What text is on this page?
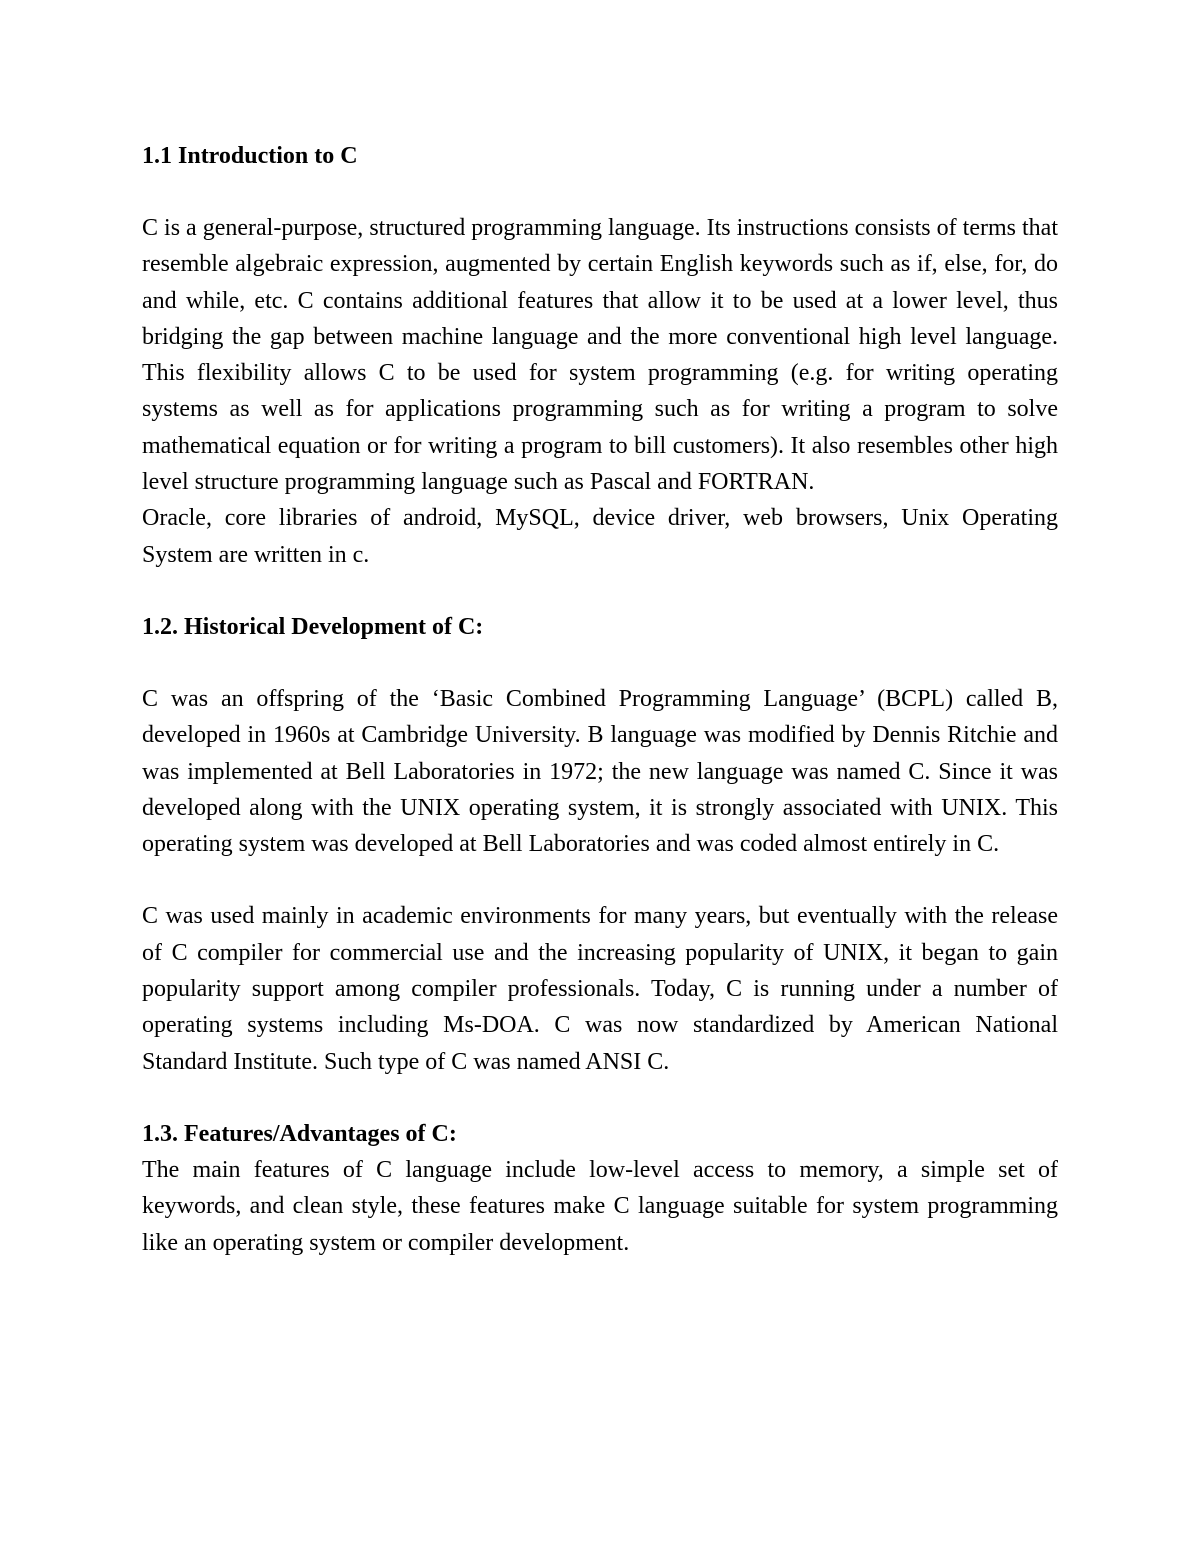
1.1 Introduction to C

C is a general-purpose, structured programming language. Its instructions consists of terms that resemble algebraic expression, augmented by certain English keywords such as if, else, for, do and while, etc. C contains additional features that allow it to be used at a lower level, thus bridging the gap between machine language and the more conventional high level language. This flexibility allows C to be used for system programming (e.g. for writing operating systems as well as for applications programming such as for writing a program to solve mathematical equation or for writing a program to bill customers). It also resembles other high level structure programming language such as Pascal and FORTRAN.

Oracle, core libraries of android, MySQL, device driver, web browsers, Unix Operating System are written in c.

1.2. Historical Development of C:

C was an offspring of the ‘Basic Combined Programming Language’ (BCPL) called B, developed in 1960s at Cambridge University. B language was modified by Dennis Ritchie and was implemented at Bell Laboratories in 1972; the new language was named C. Since it was developed along with the UNIX operating system, it is strongly associated with UNIX. This operating system was developed at Bell Laboratories and was coded almost entirely in C.

C was used mainly in academic environments for many years, but eventually with the release of C compiler for commercial use and the increasing popularity of UNIX, it began to gain popularity support among compiler professionals. Today, C is running under a number of operating systems including Ms-DOA. C was now standardized by American National Standard Institute. Such type of C was named ANSI C.

1.3. Features/Advantages of C:

The main features of C language include low-level access to memory, a simple set of keywords, and clean style, these features make C language suitable for system programming like an operating system or compiler development.
